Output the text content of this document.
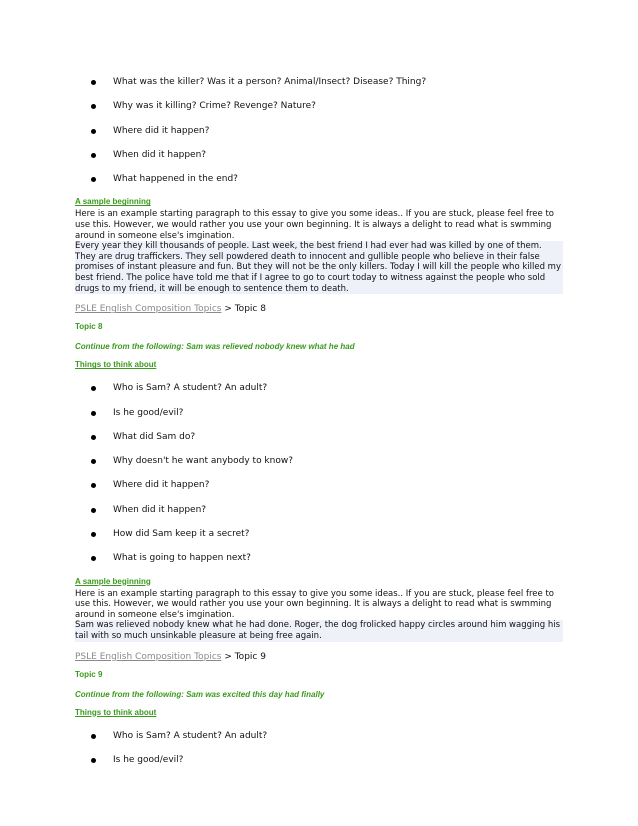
What was the killer? Was it a person? Animal/Insect? Disease? Thing?
Why was it killing? Crime? Revenge? Nature?
Where did it happen?
When did it happen?
What happened in the end?
A sample beginning
Here is an example starting paragraph to this essay to give you some ideas.. If you are stuck, please feel free to use this. However, we would rather you use your own beginning. It is always a delight to read what is swmming around in someone else's imgination.
Every year they kill thousands of people. Last week, the best friend I had ever had was killed by one of them. They are drug traffickers. They sell powdered death to innocent and gullible people who believe in their false promises of instant pleasure and fun. But they will not be the only killers. Today I will kill the people who killed my best friend. The police have told me that if I agree to go to court today to witness against the people who sold drugs to my friend, it will be enough to sentence them to death.
PSLE English Composition Topics > Topic 8
Topic 8
Continue from the following: Sam was relieved nobody knew what he had
Things to think about
Who is Sam? A student? An adult?
Is he good/evil?
What did Sam do?
Why doesn't he want anybody to know?
Where did it happen?
When did it happen?
How did Sam keep it a secret?
What is going to happen next?
A sample beginning
Here is an example starting paragraph to this essay to give you some ideas.. If you are stuck, please feel free to use this. However, we would rather you use your own beginning. It is always a delight to read what is swmming around in someone else's imgination.
Sam was relieved nobody knew what he had done. Roger, the dog frolicked happy circles around him wagging his tail with so much unsinkable pleasure at being free again.
PSLE English Composition Topics > Topic 9
Topic 9
Continue from the following: Sam was excited this day had finally
Things to think about
Who is Sam? A student? An adult?
Is he good/evil?
